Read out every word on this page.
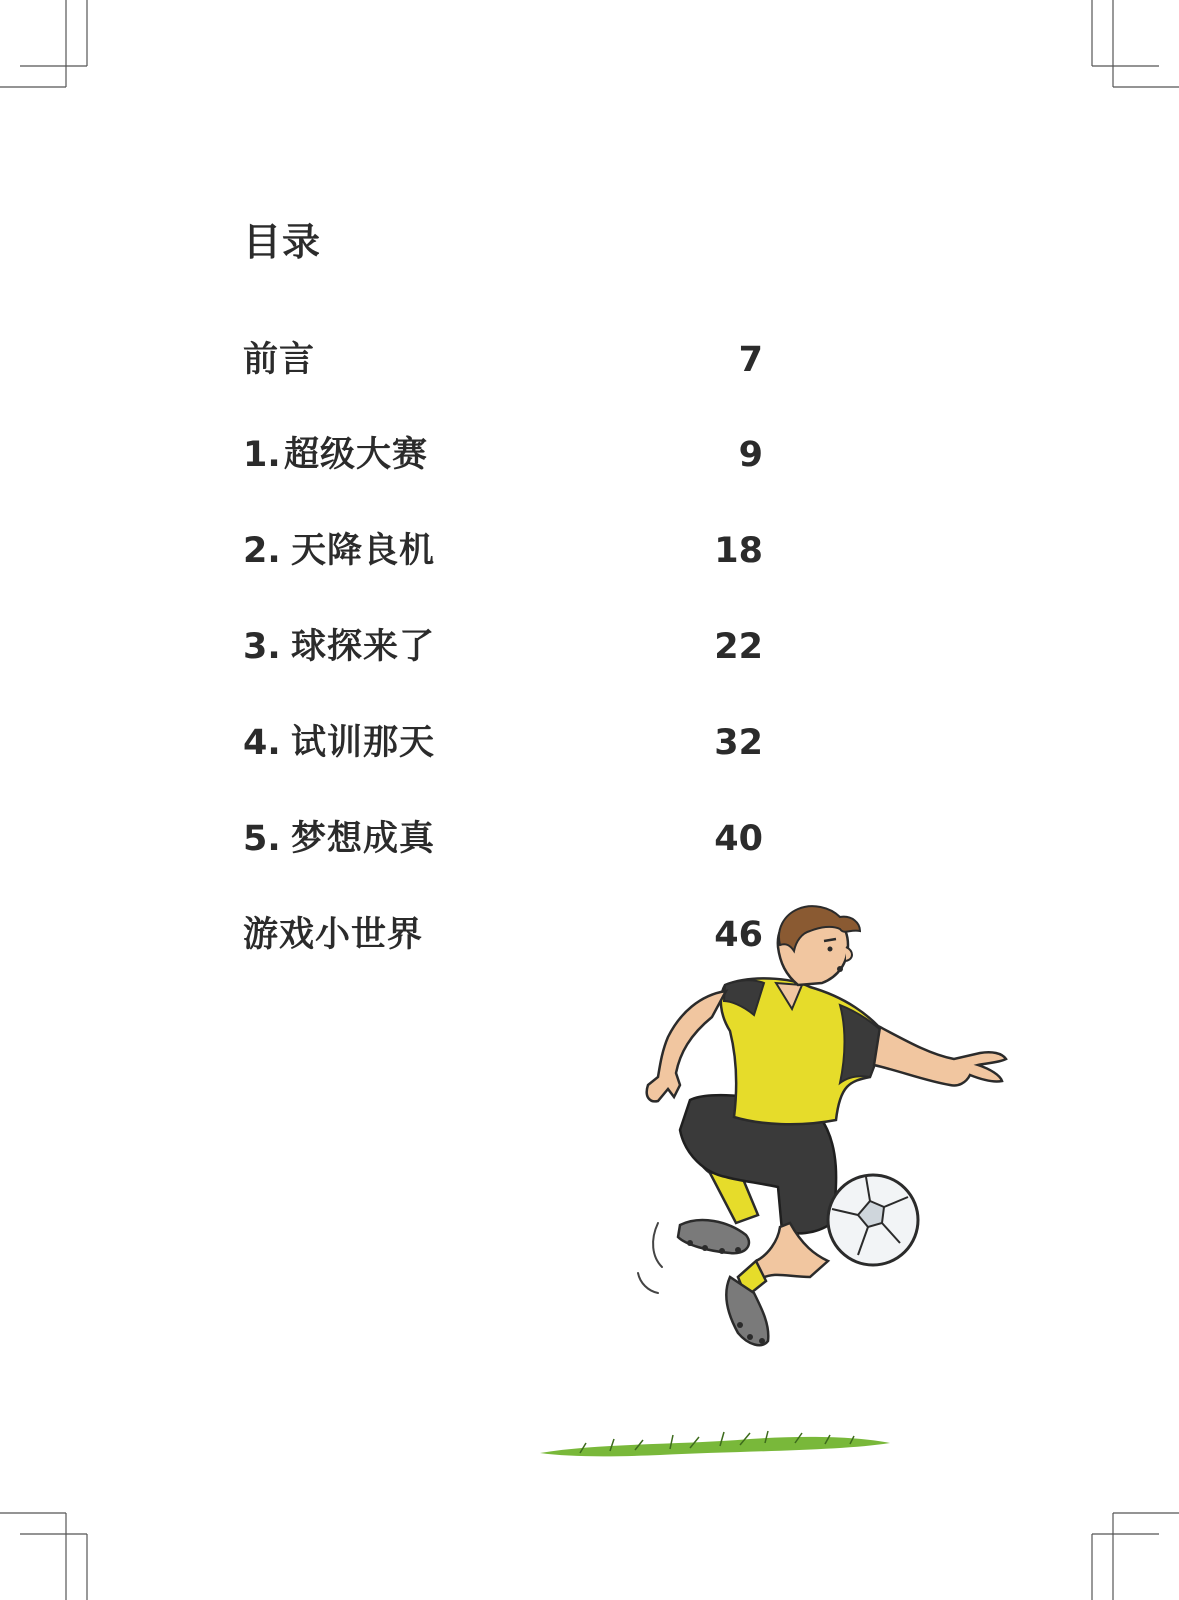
目录
前言	7
1. 超级大赛	9
2. 天降良机	18
3. 球探来了	22
4. 试训那天	32
5. 梦想成真	40
游戏小世界	46
